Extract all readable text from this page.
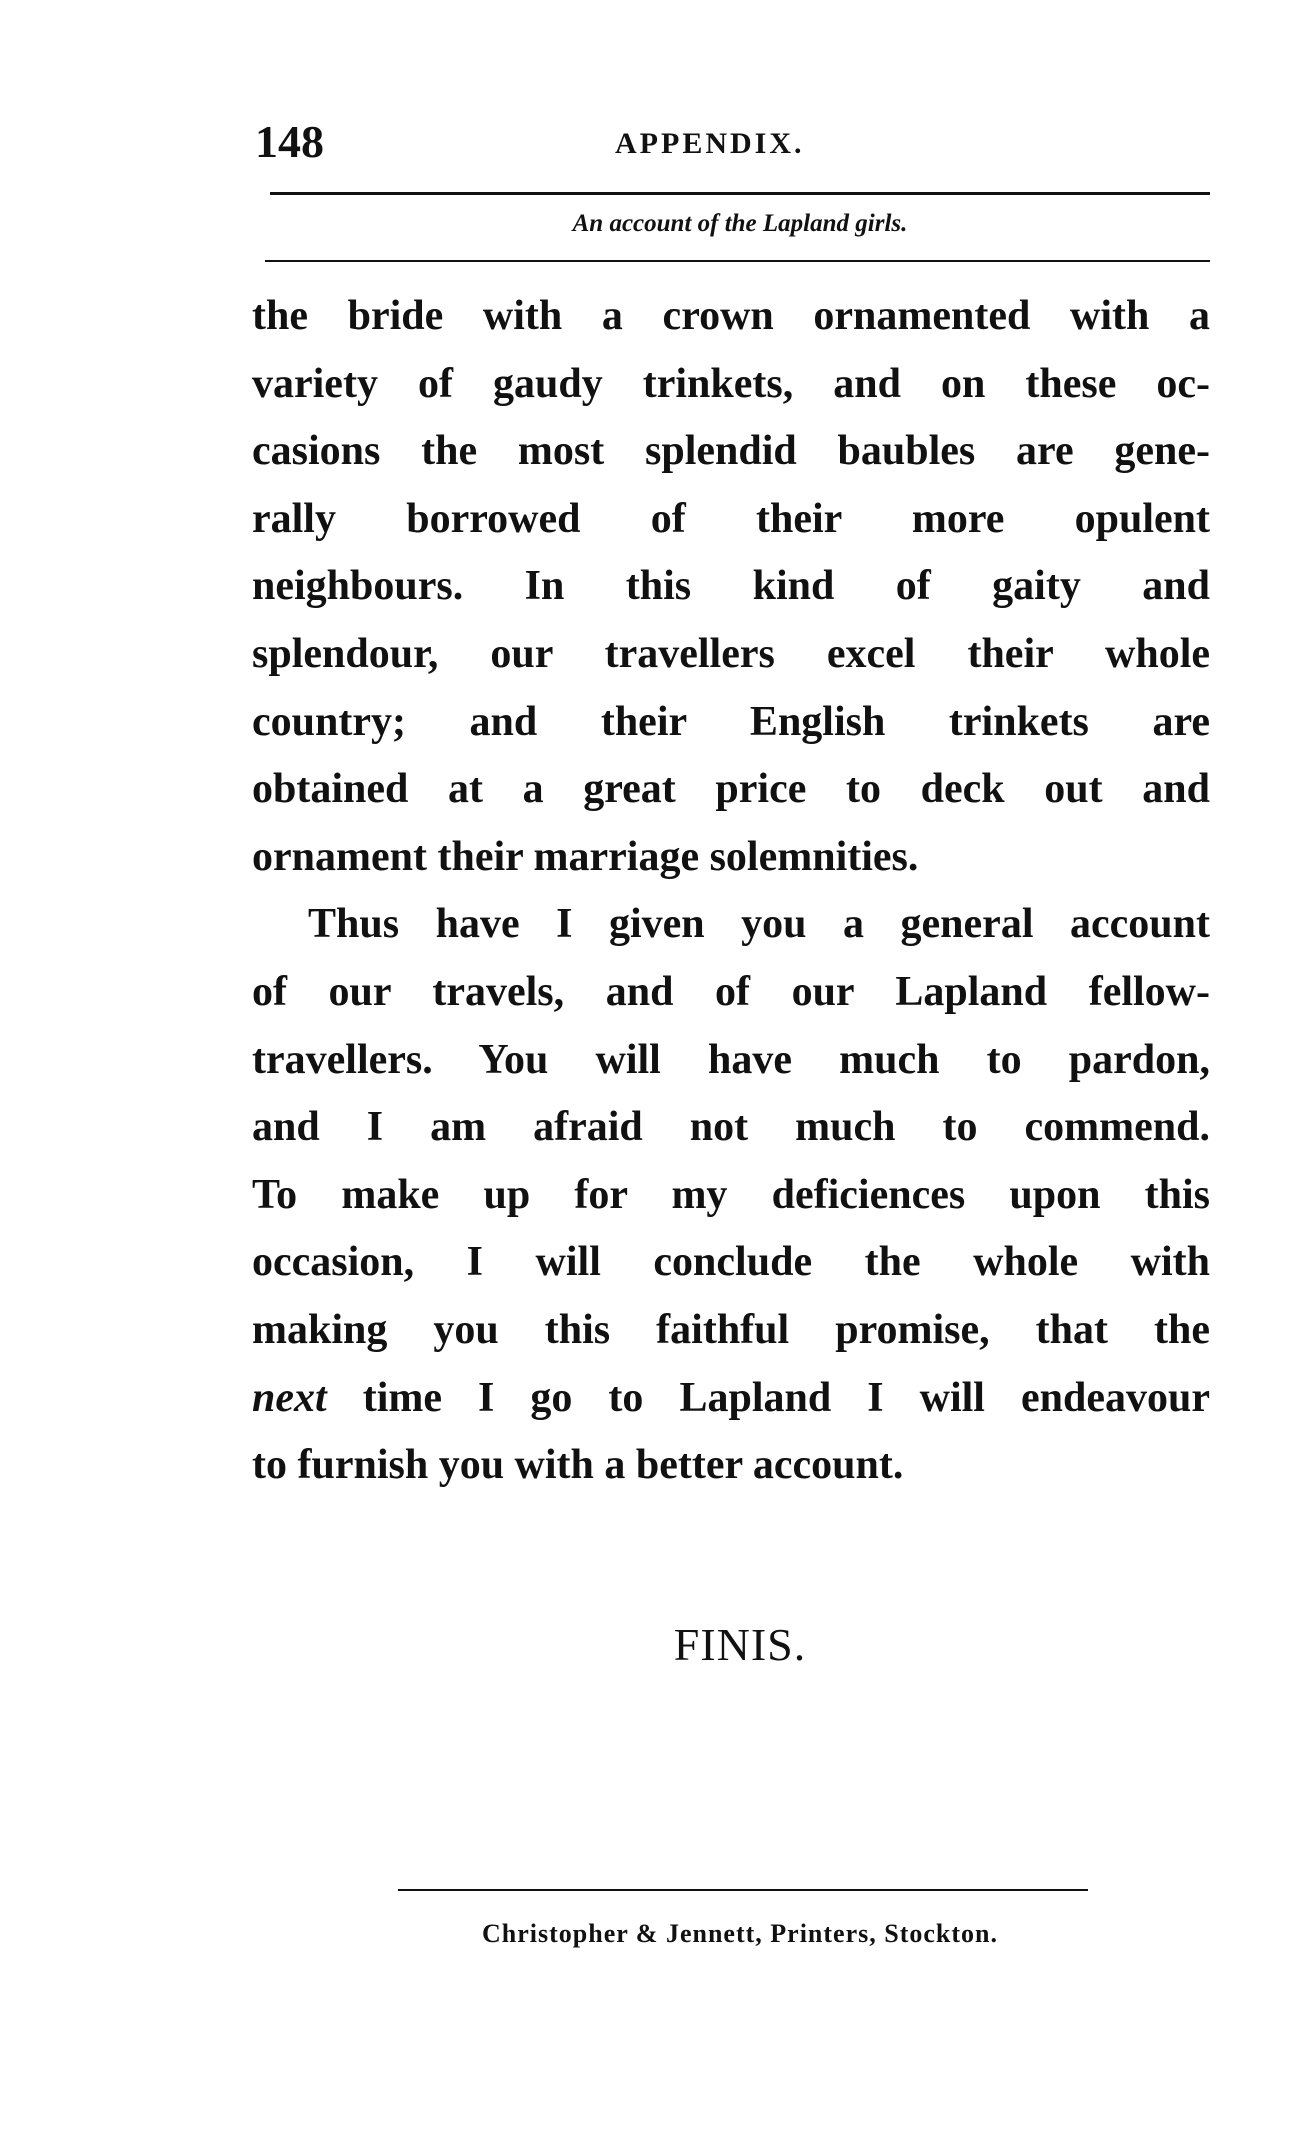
148	APPENDIX.
An account of the Lapland girls.
the bride with a crown ornamented with a
variety of gaudy trinkets, and on these oc-
casions the most splendid baubles are gene-
rally borrowed of their more opulent
neighbours. In this kind of gaity and
splendour, our travellers excel their whole
country; and their English trinkets are
obtained at a great price to deck out and
ornament their marriage solemnities.
Thus have I given you a general account
of our travels, and of our Lapland fellow-
travellers. You will have much to pardon,
and I am afraid not much to commend.
To make up for my deficiences upon this
occasion, I will conclude the whole with
making you this faithful promise, that the
next time I go to Lapland I will endeavour
to furnish you with a better account.
FINIS.
Christopher & Jennett, Printers, Stockton.
